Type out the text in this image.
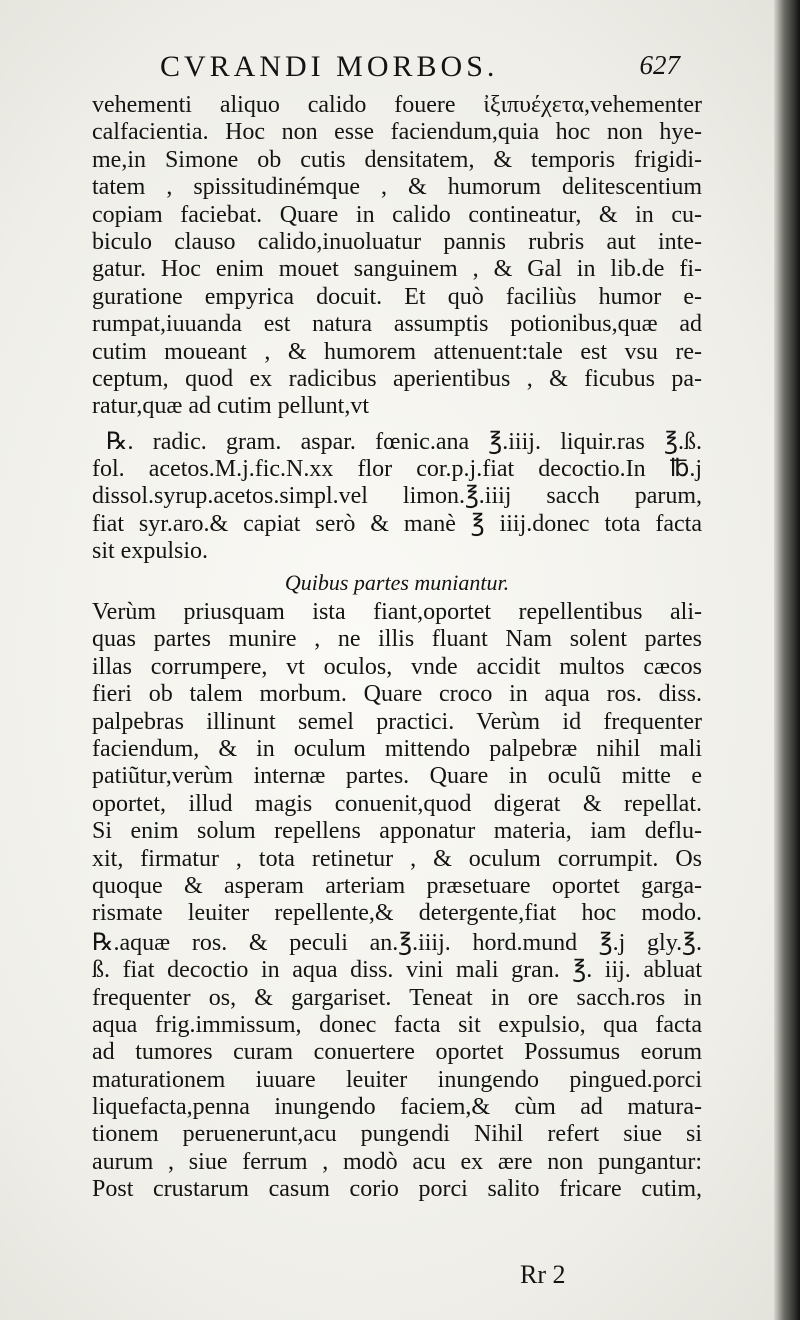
CVRANDI MORBOS.	627
vehementi aliquo calido fouere ἰξιπυέχετα,vehementer
calfacientia. Hoc non esse faciendum,quia hoc non hye-
me,in Simone ob cutis densitatem, & temporis frigidi-
tatem , spissitudinémque , & humorum delitescentium
copiam faciebat. Quare in calido contineatur, & in cu-
biculo clauso calido,inuoluatur pannis rubris aut inte-
gatur. Hoc enim mouet sanguinem , & Gal in lib.de fi-
guratione empyrica docuit. Et quò faciliùs humor e-
rumpat,iuuanda est natura assumptis potionibus,quæ ad
cutim moueant , & humorem attenuent:tale est vsu re-
ceptum, quod ex radicibus aperientibus , & ficubus pa-
ratur,quæ ad cutim pellunt,vt
℞. radic. gram. aspar. fœnic.ana ℥.iiij. liquir.ras ℥.ß.
fol. acetos.M.j.fic.N.xx flor cor.p.j.fiat decoctio.In ℔.j
dissol.syrup.acetos.simpl.vel limon.℥.iiij sacch parum,
fiat syr.aro.& capiat serò & manè ℥ iiij.donec tota facta
sit expulsio.
Quibus partes muniantur.
Verùm priusquam ista fiant,oportet repellentibus ali-
quas partes munire , ne illis fluant Nam solent partes
illas corrumpere, vt oculos, vnde accidit multos cæcos
fieri ob talem morbum. Quare croco in aqua ros. diss.
palpebras illinunt semel practici. Verùm id frequenter
faciendum, & in oculum mittendo palpebræ nihil mali
patiũtur,verùm internæ partes. Quare in oculũ mitte e
oportet, illud magis conuenit,quod digerat & repellat.
Si enim solum repellens apponatur materia, iam deflu-
xit, firmatur , tota retinetur , & oculum corrumpit. Os
quoque & asperam arteriam præsetuare oportet garga-
rismate leuiter repellente,& detergente,fiat hoc modo.
℞.aquæ ros. & peculi an.℥.iiij. hord.mund ℥.j gly.℥.
ß. fiat decoctio in aqua diss. vini mali gran. ℥. iij. abluat
frequenter os, & gargariset. Teneat in ore sacch.ros in
aqua frig.immissum, donec facta sit expulsio, qua facta
ad tumores curam conuertere oportet Possumus eorum
maturationem iuuare leuiter inungendo pingued.porci
liquefacta,penna inungendo faciem,& cùm ad matura-
tionem peruenerunt,acu pungendi Nihil refert siue si
aurum , siue ferrum , modò acu ex ære non pungantur:
Post crustarum casum corio porci salito fricare cutim,
Rr 2
